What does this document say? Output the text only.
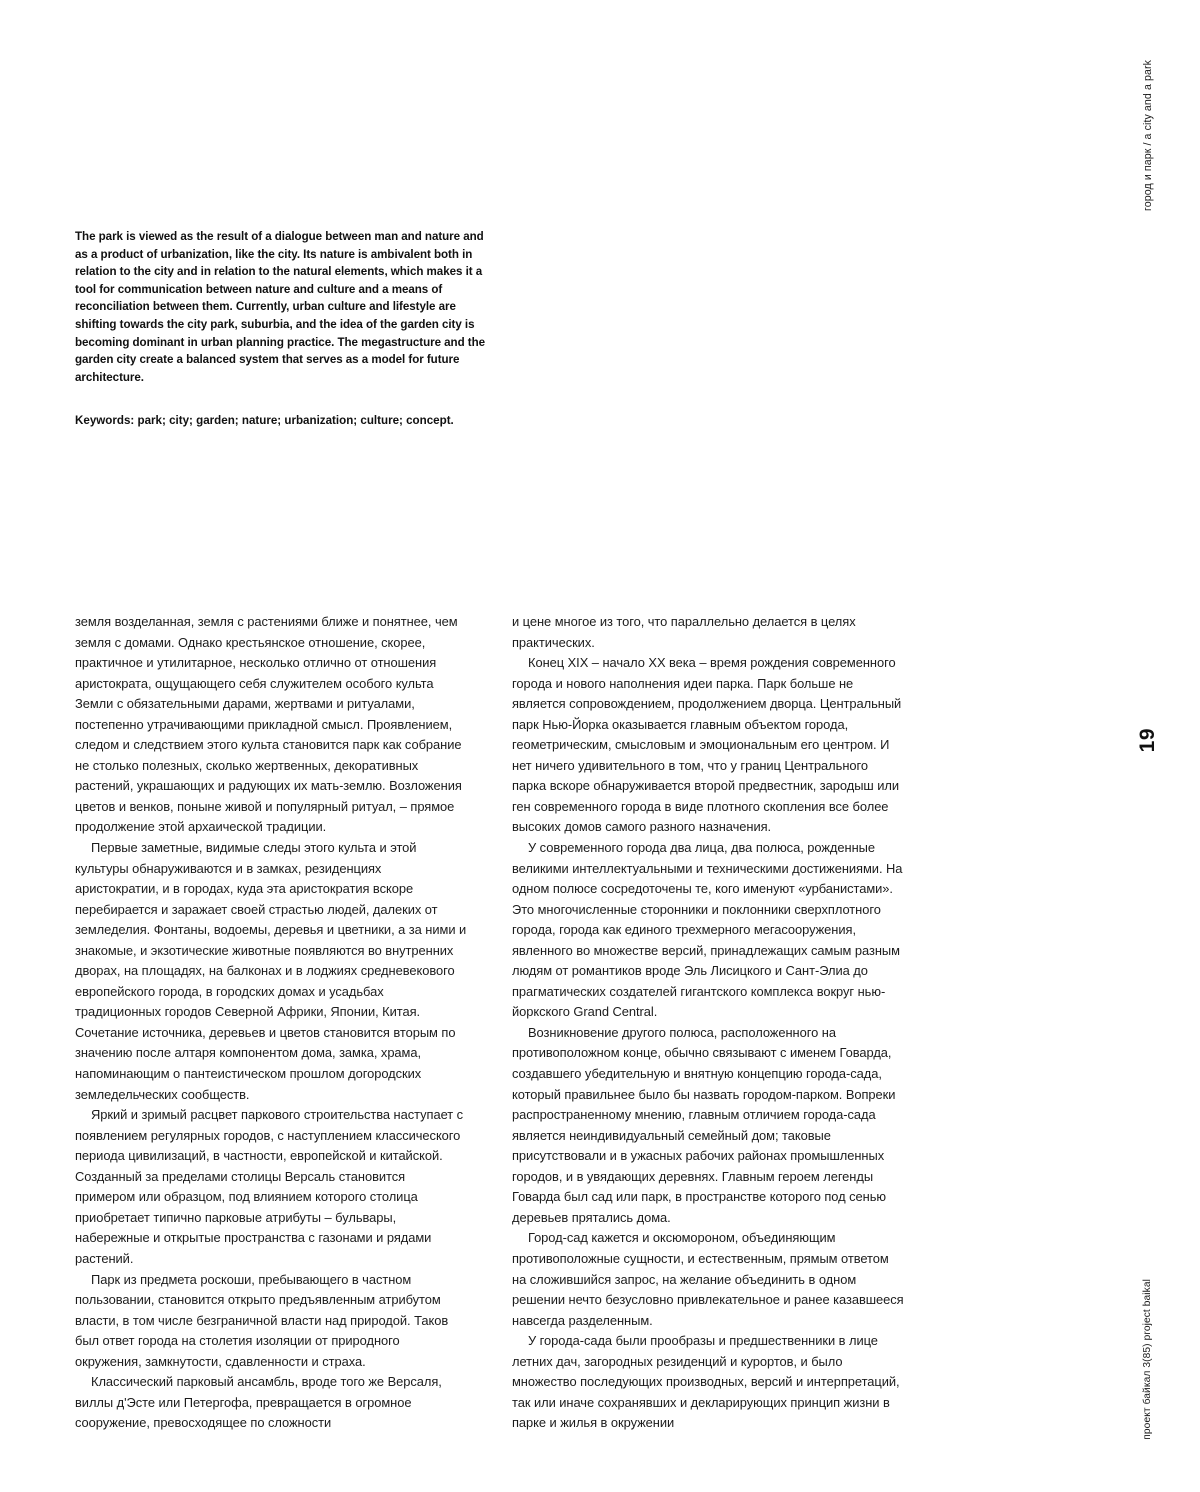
The park is viewed as the result of a dialogue between man and nature and as a product of urbanization, like the city. Its nature is ambivalent both in relation to the city and in relation to the natural elements, which makes it a tool for communication between nature and culture and a means of reconciliation between them. Currently, urban culture and lifestyle are shifting towards the city park, suburbia, and the idea of the garden city is becoming dominant in urban planning practice. The megastructure and the garden city create a balanced system that serves as a model for future architecture.

Keywords: park; city; garden; nature; urbanization; culture; concept.

земля возделанная, земля с растениями ближе и понятнее, чем земля с домами. Однако крестьянское отношение, скорее, практичное и утилитарное, несколько отлично от отношения аристократа, ощущающего себя служителем особого культа Земли с обязательными дарами, жертвами и ритуалами, постепенно утрачивающими прикладной смысл. Проявлением, следом и следствием этого культа становится парк как собрание не столько полезных, сколько жертвенных, декоративных растений, украшающих и радующих их мать-землю. Возложения цветов и венков, поныне живой и популярный ритуал, – прямое продолжение этой архаической традиции.

Первые заметные, видимые следы этого культа и этой культуры обнаруживаются и в замках, резиденциях аристократии, и в городах, куда эта аристократия вскоре перебирается и заражает своей страстью людей, далеких от земледелия. Фонтаны, водоемы, деревья и цветники, а за ними и знакомые, и экзотические животные появляются во внутренних дворах, на площадях, на балконах и в лоджиях средневекового европейского города, в городских домах и усадьбах традиционных городов Северной Африки, Японии, Китая. Сочетание источника, деревьев и цветов становится вторым по значению после алтаря компонентом дома, замка, храма, напоминающим о пантеистическом прошлом догородских земледельческих сообществ.

Яркий и зримый расцвет паркового строительства наступает с появлением регулярных городов, с наступлением классического периода цивилизаций, в частности, европейской и китайской. Созданный за пределами столицы Версаль становится примером или образцом, под влиянием которого столица приобретает типично парковые атрибуты – бульвары, набережные и открытые пространства с газонами и рядами растений.

Парк из предмета роскоши, пребывающего в частном пользовании, становится открыто предъявленным атрибутом власти, в том числе безграничной власти над природой. Таков был ответ города на столетия изоляции от природного окружения, замкнутости, сдавленности и страха.

Классический парковый ансамбль, вроде того же Версаля, виллы д'Эсте или Петергофа, превращается в огромное сооружение, превосходящее по сложности

и цене многое из того, что параллельно делается в целях практических.

Конец XIX – начало XX века – время рождения современного города и нового наполнения идеи парка. Парк больше не является сопровождением, продолжением дворца. Центральный парк Нью-Йорка оказывается главным объектом города, геометрическим, смысловым и эмоциональным его центром. И нет ничего удивительного в том, что у границ Центрального парка вскоре обнаруживается второй предвестник, зародыш или ген современного города в виде плотного скопления все более высоких домов самого разного назначения.

У современного города два лица, два полюса, рожденные великими интеллектуальными и техническими достижениями. На одном полюсе сосредоточены те, кого именуют «урбанистами». Это многочисленные сторонники и поклонники сверхплотного города, города как единого трехмерного мегасооружения, явленного во множестве версий, принадлежащих самым разным людям от романтиков вроде Эль Лисицкого и Сант-Элиа до прагматических создателей гигантского комплекса вокруг нью-йоркского Grand Central.

Возникновение другого полюса, расположенного на противоположном конце, обычно связывают с именем Говарда, создавшего убедительную и внятную концепцию города-сада, который правильнее было бы назвать городом-парком. Вопреки распространенному мнению, главным отличием города-сада является неиндивидуальный семейный дом; таковые присутствовали и в ужасных рабочих районах промышленных городов, и в увядающих деревнях. Главным героем легенды Говарда был сад или парк, в пространстве которого под сенью деревьев прятались дома.

Город-сад кажется и оксюмороном, объединяющим противоположные сущности, и естественным, прямым ответом на сложившийся запрос, на желание объединить в одном решении нечто безусловно привлекательное и ранее казавшееся навсегда разделенным.

У города-сада были прообразы и предшественники в лице летних дач, загородных резиденций и курортов, и было множество последующих производных, версий и интерпретаций, так или иначе сохранявших и декларирующих принцип жизни в парке и жилья в окружении

город и парк / a city and a park
19
проект байкал 3(85) project baikal
